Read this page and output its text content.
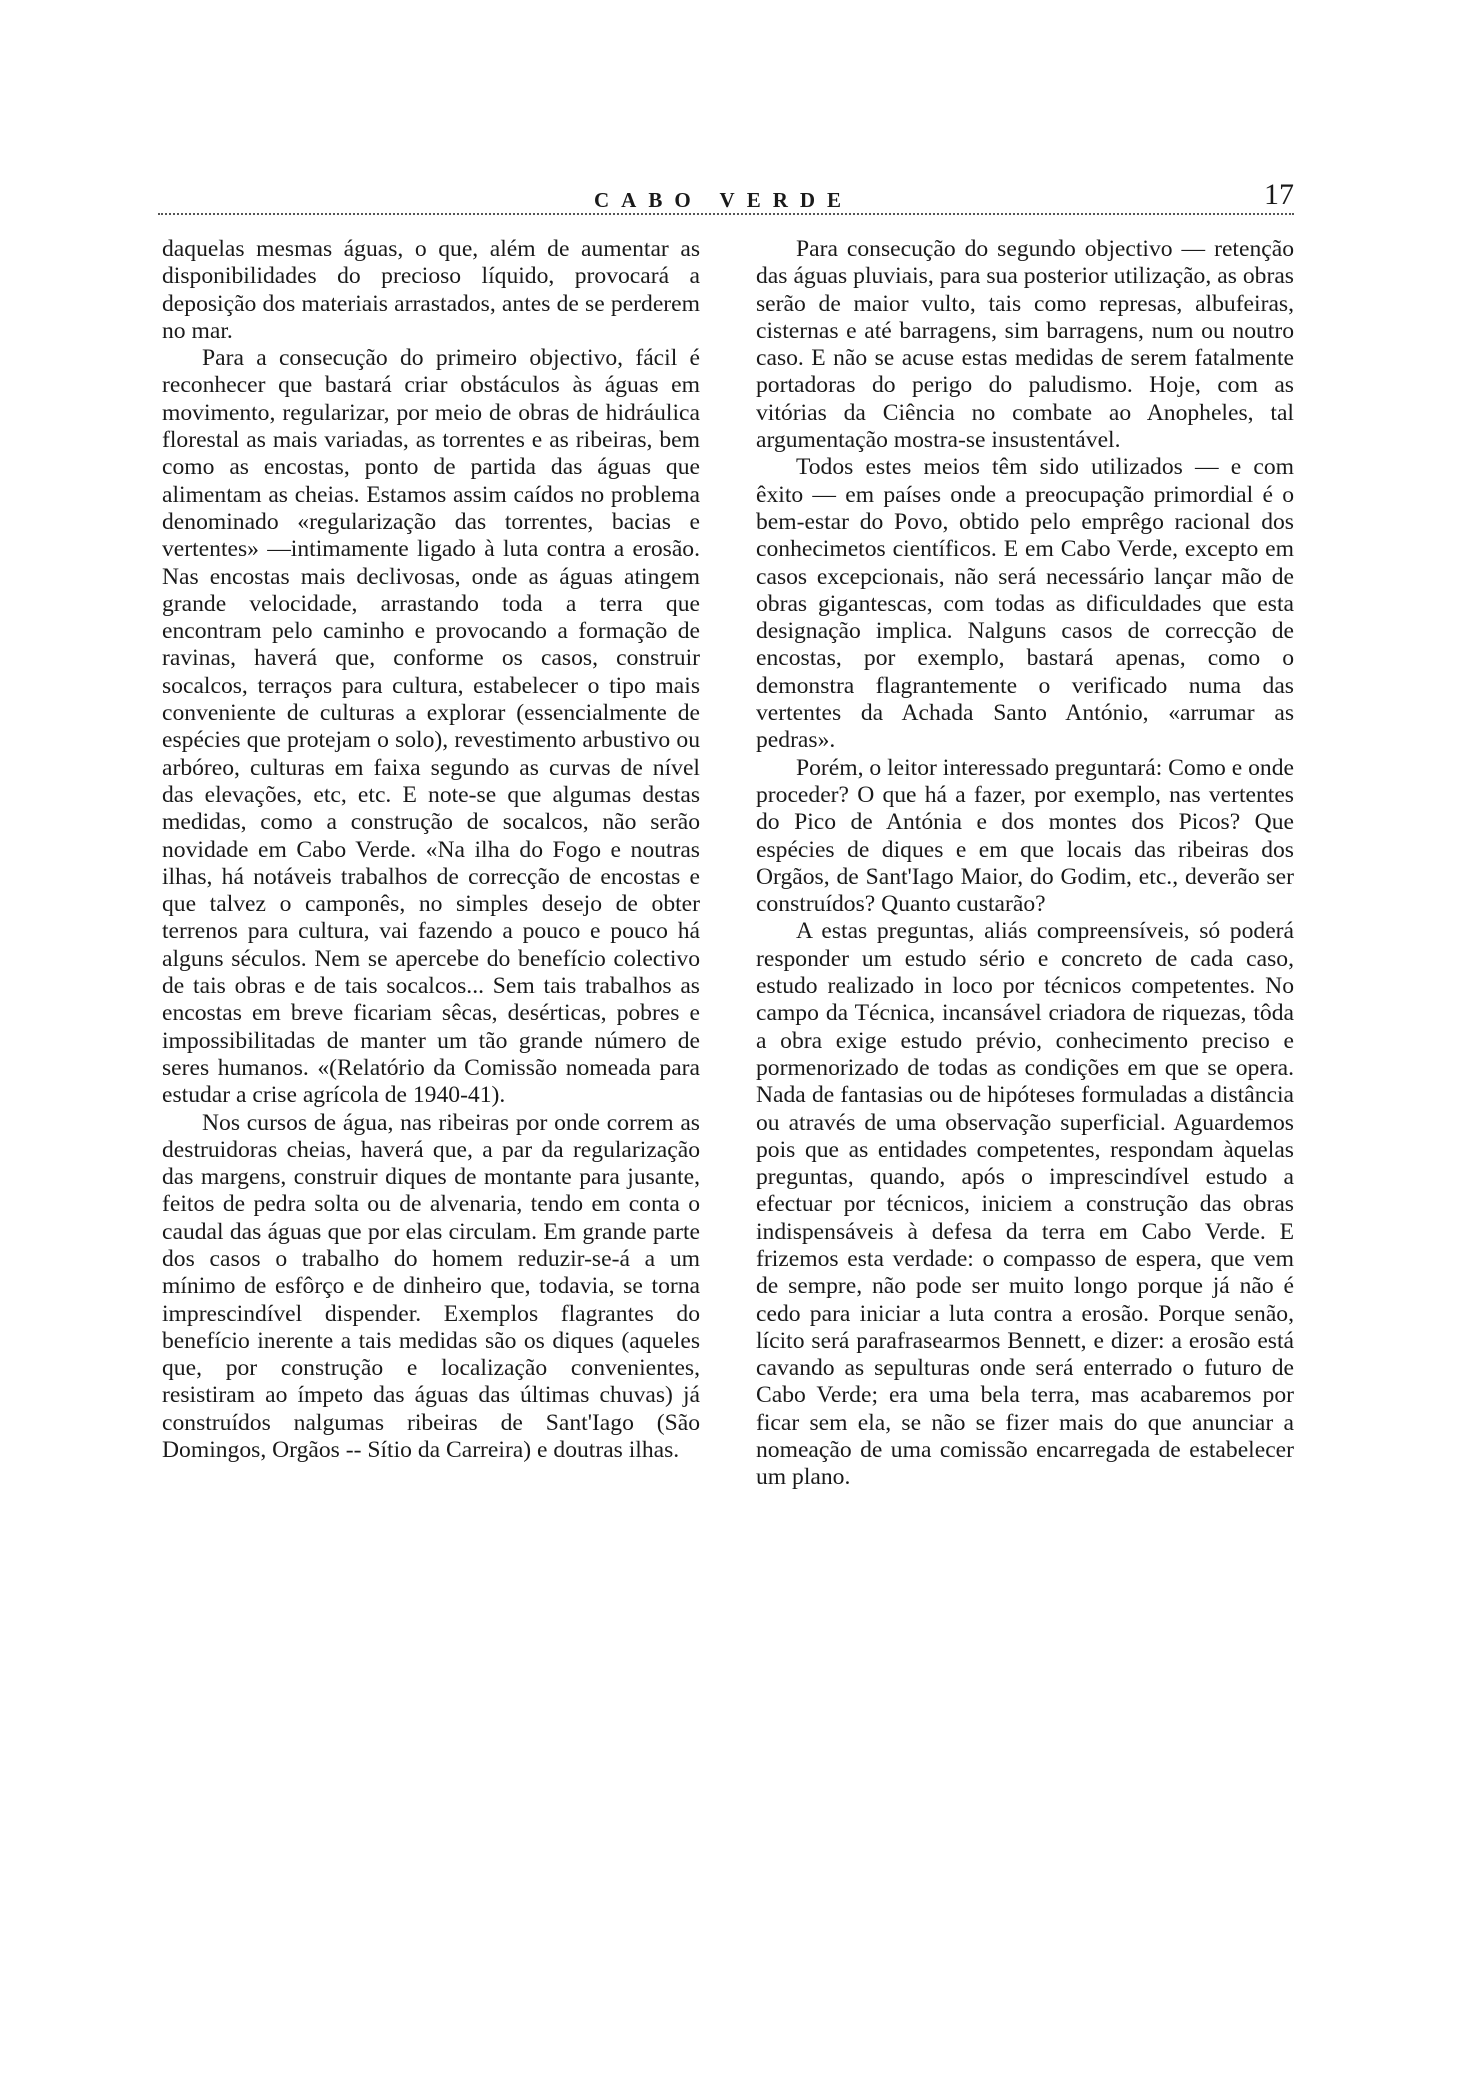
CABO VERDE	17

daquelas mesmas águas, o que, além de aumentar as disponibilidades do precioso líquido, provocará a deposição dos materiais arrastados, antes de se perderem no mar.

Para a consecução do primeiro objectivo, fácil é reconhecer que bastará criar obstáculos às águas em movimento, regularizar, por meio de obras de hidráulica florestal as mais variadas, as torrentes e as ribeiras, bem como as encostas, ponto de partida das águas que alimentam as cheias. Estamos assim caídos no problema denominado «regularização das torrentes, bacias e vertentes» —intimamente ligado à luta contra a erosão. Nas encostas mais declivosas, onde as águas atingem grande velocidade, arrastando toda a terra que encontram pelo caminho e provocando a formação de ravinas, haverá que, conforme os casos, construir socalcos, terraços para cultura, estabelecer o tipo mais conveniente de culturas a explorar (essencialmente de espécies que protejam o solo), revestimento arbustivo ou arbóreo, culturas em faixa segundo as curvas de nível das elevações, etc, etc. E note-se que algumas destas medidas, como a construção de socalcos, não serão novidade em Cabo Verde. «Na ilha do Fogo e noutras ilhas, há notáveis trabalhos de correcção de encostas e que talvez o camponês, no simples desejo de obter terrenos para cultura, vai fazendo a pouco e pouco há alguns séculos. Nem se apercebe do benefício colectivo de tais obras e de tais socalcos... Sem tais trabalhos as encostas em breve ficariam sêcas, desérticas, pobres e impossibilitadas de manter um tão grande número de seres humanos. «(Relatório da Comissão nomeada para estudar a crise agrícola de 1940-41).

Nos cursos de água, nas ribeiras por onde correm as destruidoras cheias, haverá que, a par da regularização das margens, construir diques de montante para jusante, feitos de pedra solta ou de alvenaria, tendo em conta o caudal das águas que por elas circulam. Em grande parte dos casos o trabalho do homem reduzir-se-á a um mínimo de esfôrço e de dinheiro que, todavia, se torna imprescindível dispender. Exemplos flagrantes do benefício inerente a tais medidas são os diques (aqueles que, por construção e localização convenientes, resistiram ao ímpeto das águas das últimas chuvas) já construídos nalgumas ribeiras de Sant'Iago (São Domingos, Orgãos -- Sítio da Carreira) e doutras ilhas.

Para consecução do segundo objectivo — retenção das águas pluviais, para sua posterior utilização, as obras serão de maior vulto, tais como represas, albufeiras, cisternas e até barragens, sim barragens, num ou noutro caso. E não se acuse estas medidas de serem fatalmente portadoras do perigo do paludismo. Hoje, com as vitórias da Ciência no combate ao Anopheles, tal argumentação mostra-se insustentável.

Todos estes meios têm sido utilizados — e com êxito — em países onde a preocupação primordial é o bem-estar do Povo, obtido pelo emprêgo racional dos conhecimetos científicos. E em Cabo Verde, excepto em casos excepcionais, não será necessário lançar mão de obras gigantescas, com todas as dificuldades que esta designação implica. Nalguns casos de correcção de encostas, por exemplo, bastará apenas, como o demonstra flagrantemente o verificado numa das vertentes da Achada Santo António, «arrumar as pedras».

Porém, o leitor interessado preguntará: Como e onde proceder? O que há a fazer, por exemplo, nas vertentes do Pico de Antónia e dos montes dos Picos? Que espécies de diques e em que locais das ribeiras dos Orgãos, de Sant'Iago Maior, do Godim, etc., deverão ser construídos? Quanto custarão?

A estas preguntas, aliás compreensíveis, só poderá responder um estudo sério e concreto de cada caso, estudo realizado in loco por técnicos competentes. No campo da Técnica, incansável criadora de riquezas, tôda a obra exige estudo prévio, conhecimento preciso e pormenorizado de todas as condições em que se opera. Nada de fantasias ou de hipóteses formuladas a distância ou através de uma observação superficial. Aguardemos pois que as entidades competentes, respondam àquelas preguntas, quando, após o imprescindível estudo a efectuar por técnicos, iniciem a construção das obras indispensáveis à defesa da terra em Cabo Verde. E frizemos esta verdade: o compasso de espera, que vem de sempre, não pode ser muito longo porque já não é cedo para iniciar a luta contra a erosão. Porque senão, lícito será parafrasearmos Bennett, e dizer: a erosão está cavando as sepulturas onde será enterrado o futuro de Cabo Verde; era uma bela terra, mas acabaremos por ficar sem ela, se não se fizer mais do que anunciar a nomeação de uma comissão encarregada de estabelecer um plano.
